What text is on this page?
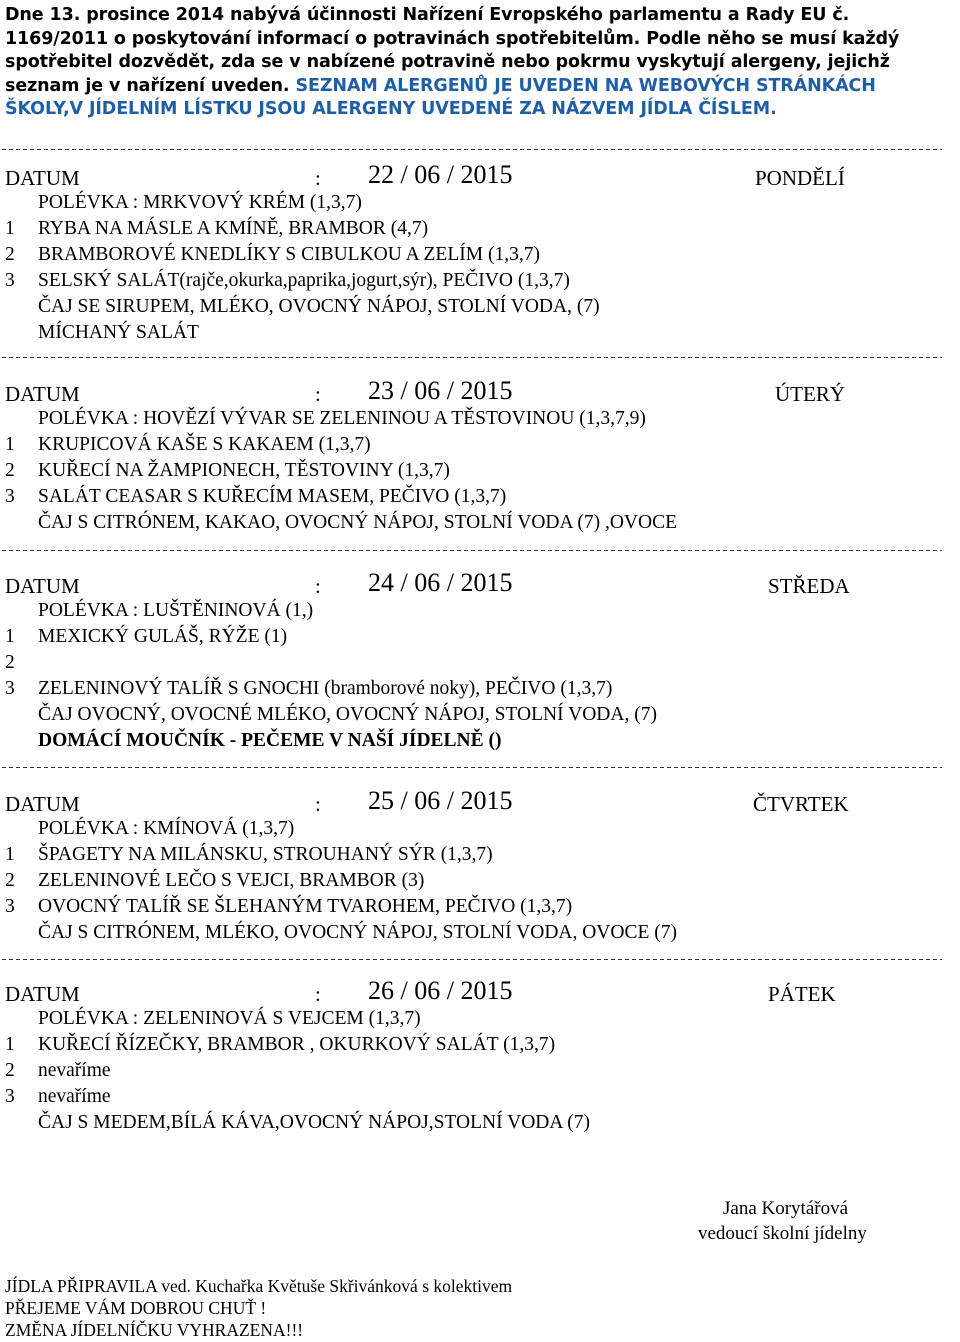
Dne 13. prosince 2014 nabývá účinnosti Nařízení Evropského parlamentu a Rady EU č. 1169/2011 o poskytování informací o potravinách spotřebitelům. Podle něho se musí každý spotřebitel dozvědět, zda se v nabízené potravině nebo pokrmu vyskytují alergeny, jejichž seznam je v nařízení uveden. SEZNAM ALERGENŮ JE UVEDEN NA WEBOVÝCH STRÁNKÁCH ŠKOLY,V JÍDELNÍM LÍSTKU JSOU ALERGENY UVEDENÉ ZA NÁZVEM JÍDLA ČÍSLEM.
DATUM	: 22 / 06 / 2015	PONDĚLÍ
POLÉVKA : MRKVOVÝ KRÉM (1,3,7)
1 RYBA NA MÁSLE A KMÍNĚ, BRAMBOR (4,7)
2 BRAMBOROVÉ KNEDLÍKY S CIBULKOU A ZELÍM (1,3,7)
3 SELSKÝ SALÁT(rajče,okurka,paprika,jogurt,sýr), PEČIVO (1,3,7)
ČAJ SE SIRUPEM, MLÉKO, OVOCNÝ NÁPOJ, STOLNÍ VODA, (7)
MÍCHANÝ SALÁT
DATUM	: 23 / 06 / 2015	ÚTERÝ
POLÉVKA : HOVĚZÍ VÝVAR SE ZELENINOU A TĚSTOVINOU (1,3,7,9)
1 KRUPICOVÁ KAŠE S KAKAEM (1,3,7)
2 KUŘECÍ NA ŽAMPIONECH, TĚSTOVINY (1,3,7)
3 SALÁT CEASAR S KUŘECÍM MASEM, PEČIVO (1,3,7)
ČAJ S CITRÓNEM, KAKAO, OVOCNÝ NÁPOJ, STOLNÍ VODA (7) ,OVOCE
DATUM	: 24 / 06 / 2015	STŘEDA
POLÉVKA : LUŠTĚNINOVÁ (1,)
1 MEXICKÝ GULÁŠ, RÝŽE (1)
2
3 ZELENINOVÝ TALÍŘ S GNOCHI (bramborové noky), PEČIVO (1,3,7)
ČAJ OVOCNÝ, OVOCNÉ MLÉKO, OVOCNÝ NÁPOJ, STOLNÍ VODA, (7)
DOMÁCÍ MOUČNÍK - PEČEME V NAŠÍ JÍDELNĚ ()
DATUM	: 25 / 06 / 2015	ČTVRTEK
POLÉVKA : KMÍNOVÁ (1,3,7)
1 ŠPAGETY NA MILÁNSKU, STROUHANÝ SÝR (1,3,7)
2 ZELENINOVÉ LEČO S VEJCI, BRAMBOR (3)
3 OVOCNÝ TALÍŘ SE ŠLEHANÝM TVAROHEM, PEČIVO (1,3,7)
ČAJ S CITRÓNEM, MLÉKO, OVOCNÝ NÁPOJ, STOLNÍ VODA, OVOCE (7)
DATUM	: 26 / 06 / 2015	PÁTEK
POLÉVKA : ZELENINOVÁ S VEJCEM (1,3,7)
1 KUŘECÍ ŘÍZEČKY, BRAMBOR , OKURKOVÝ SALÁT (1,3,7)
2 nevaříme
3 nevaříme
ČAJ S MEDEM,BÍLÁ KÁVA,OVOCNÝ NÁPOJ,STOLNÍ VODA (7)
Jana Korytářová
vedoucí školní jídelny
JÍDLA PŘIPRAVILA ved. Kuchařka Květuše Skřivánková s kolektivem
PŘEJEME VÁM DOBROU CHUŤ !
ZMĚNA JÍDELNÍČKU VYHRAZENA!!!
